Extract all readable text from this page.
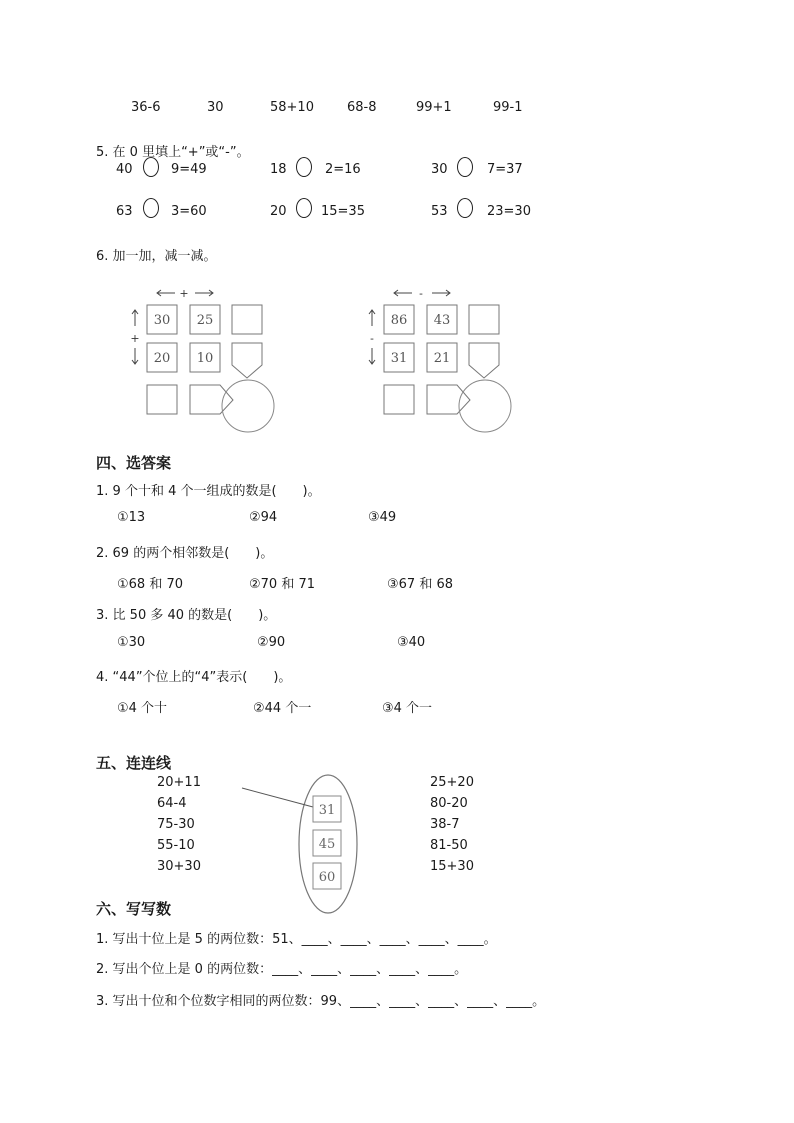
36-6	30	58+10	68-8	99+1	99-1
5. 在 0 里填上“+”或“-”。
40	9=49	18	2=16	30	7=37
63	3=60	20	15=35	53	23=30
6. 加一加，减一减。
+
+
30 25
20 10
-
-
86 43
31 21
四、选答案
1. 9 个十和 4 个一组成的数是(　　)。
①13	②94	③49
2. 69 的两个相邻数是(　　)。
①68 和 70	②70 和 71	③67 和 68
3. 比 50 多 40 的数是(　　)。
①30	②90	③40
4. “44”个位上的“4”表示(　　)。
①4 个十	②44 个一	③4 个一
五、连连线
20+11
64-4
75-30
55-10
30+30
31
45
60
25+20
80-20
38-7
81-50
15+30
六、写写数
1. 写出十位上是 5 的两位数：51、____、____、____、____、____。
2. 写出个位上是 0 的两位数：____、____、____、____、____。
3. 写出十位和个位数字相同的两位数：99、____、____、____、____、____。
